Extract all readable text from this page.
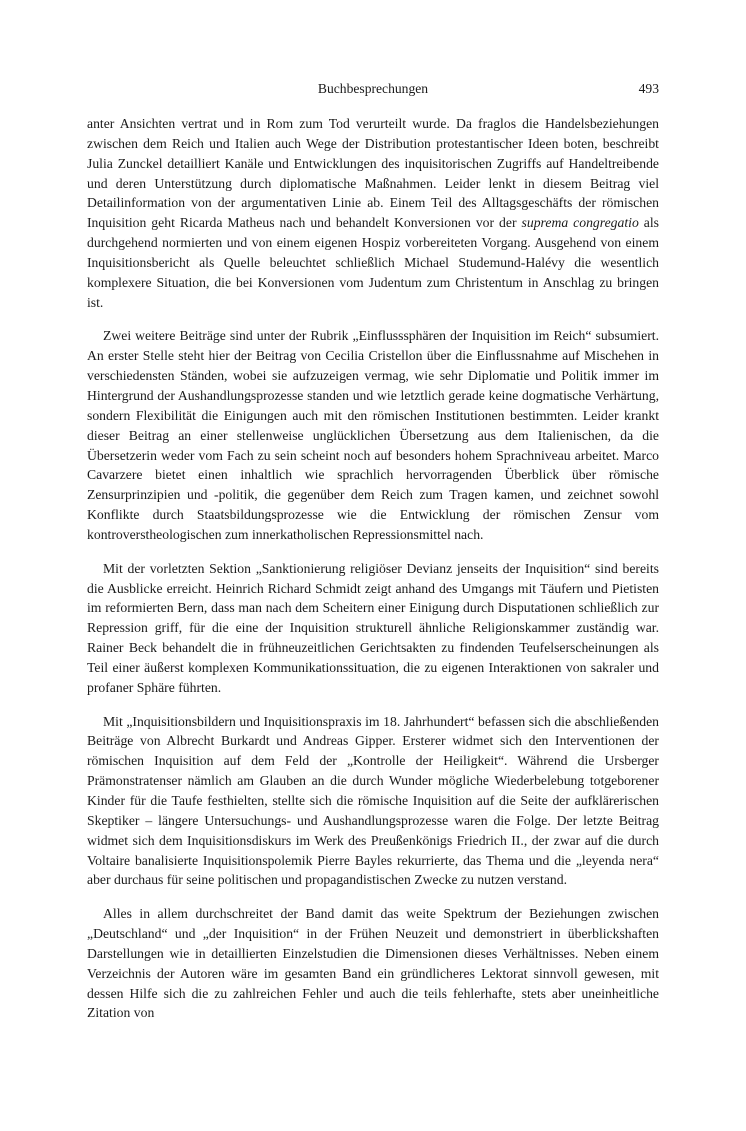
Buchbesprechungen	493

anter Ansichten vertrat und in Rom zum Tod verurteilt wurde. Da fraglos die Handelsbeziehungen zwischen dem Reich und Italien auch Wege der Distribution protestantischer Ideen boten, beschreibt Julia Zunckel detailliert Kanäle und Entwicklungen des inquisitorischen Zugriffs auf Handeltreibende und deren Unterstützung durch diplomatische Maßnahmen. Leider lenkt in diesem Beitrag viel Detailinformation von der argumentativen Linie ab. Einem Teil des Alltagsgeschäfts der römischen Inquisition geht Ricarda Matheus nach und behandelt Konversionen vor der suprema congregatio als durchgehend normierten und von einem eigenen Hospiz vorbereiteten Vorgang. Ausgehend von einem Inquisitionsbericht als Quelle beleuchtet schließlich Michael Studemund-Halévy die wesentlich komplexere Situation, die bei Konversionen vom Judentum zum Christentum in Anschlag zu bringen ist.

Zwei weitere Beiträge sind unter der Rubrik „Einflusssphären der Inquisition im Reich“ subsumiert. An erster Stelle steht hier der Beitrag von Cecilia Cristellon über die Einflussnahme auf Mischehen in verschiedensten Ständen, wobei sie aufzuzeigen vermag, wie sehr Diplomatie und Politik immer im Hintergrund der Aushandlungsprozesse standen und wie letztlich gerade keine dogmatische Verhärtung, sondern Flexibilität die Einigungen auch mit den römischen Institutionen bestimmten. Leider krankt dieser Beitrag an einer stellenweise unglücklichen Übersetzung aus dem Italienischen, da die Übersetzerin weder vom Fach zu sein scheint noch auf besonders hohem Sprachniveau arbeitet. Marco Cavarzere bietet einen inhaltlich wie sprachlich hervorragenden Überblick über römische Zensurprinzipien und -politik, die gegenüber dem Reich zum Tragen kamen, und zeichnet sowohl Konflikte durch Staatsbildungsprozesse wie die Entwicklung der römischen Zensur vom kontroverstheologischen zum innerkatholischen Repressionsmittel nach.

Mit der vorletzten Sektion „Sanktionierung religiöser Devianz jenseits der Inquisition“ sind bereits die Ausblicke erreicht. Heinrich Richard Schmidt zeigt anhand des Umgangs mit Täufern und Pietisten im reformierten Bern, dass man nach dem Scheitern einer Einigung durch Disputationen schließlich zur Repression griff, für die eine der Inquisition strukturell ähnliche Religionskammer zuständig war. Rainer Beck behandelt die in frühneuzeitlichen Gerichtsakten zu findenden Teufelserscheinungen als Teil einer äußerst komplexen Kommunikationssituation, die zu eigenen Interaktionen von sakraler und profaner Sphäre führten.

Mit „Inquisitionsbildern und Inquisitionspraxis im 18. Jahrhundert“ befassen sich die abschließenden Beiträge von Albrecht Burkardt und Andreas Gipper. Ersterer widmet sich den Interventionen der römischen Inquisition auf dem Feld der „Kontrolle der Heiligkeit“. Während die Ursberger Prämonstratenser nämlich am Glauben an die durch Wunder mögliche Wiederbelebung totgeborener Kinder für die Taufe festhielten, stellte sich die römische Inquisition auf die Seite der aufklärerischen Skeptiker – längere Untersuchungs- und Aushandlungsprozesse waren die Folge. Der letzte Beitrag widmet sich dem Inquisitionsdiskurs im Werk des Preußenkönigs Friedrich II., der zwar auf die durch Voltaire banalisierte Inquisitionspolemik Pierre Bayles rekurrierte, das Thema und die „leyenda nera“ aber durchaus für seine politischen und propagandistischen Zwecke zu nutzen verstand.

Alles in allem durchschreitet der Band damit das weite Spektrum der Beziehungen zwischen „Deutschland“ und „der Inquisition“ in der Frühen Neuzeit und demonstriert in überblickshaften Darstellungen wie in detaillierten Einzelstudien die Dimensionen dieses Verhältnisses. Neben einem Verzeichnis der Autoren wäre im gesamten Band ein gründlicheres Lektorat sinnvoll gewesen, mit dessen Hilfe sich die zu zahlreichen Fehler und auch die teils fehlerhafte, stets aber uneinheitliche Zitation von
